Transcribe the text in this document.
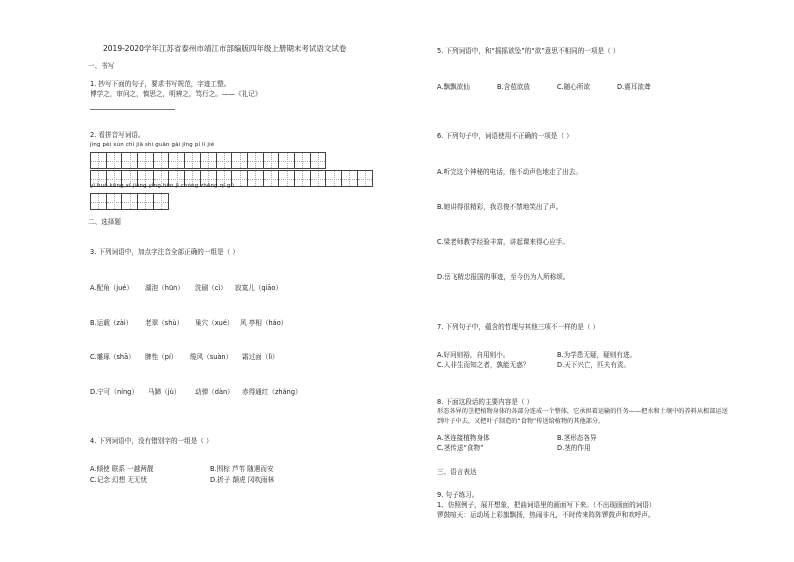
2019-2020学年江苏省泰州市靖江市部编版四年级上册期末考试语文试卷
一、书写
1. 抄写下面的句子，要求书写规范，字迹工整。
博学之，审问之，慎思之，明辨之，笃行之。——《礼记》
2. 看拼音写词语。
jìng pèi xùn chì jiā shì guān gài jīng pí lì jié
yǐ huò kōng xí jiāng yìng hēn jì chóng zhēng qí gǔ
二、选择题
3. 下列词语中，加点字注音全部正确的一组是（ ）
A.配角（jué） 湖泡（hūn） 洗刷（cì） 寂寞儿（qiāo）
B.运载（zài） 老翠（shù） 巢穴（xué） 风 亭相（háo）
C.雕琢（shā） 脾性（pí） 缆风（suàn） 霜过面（lì）
D.宁可（níng） 马蹄（jù） 动弹（dàn） 赤得通红（zhàng）
4. 下列词语中，没有错别字的一组是（ ）
A.倾使 联系 一越两靓	B.围棕 芦苇 随遇而安
C.记念 幻想 无无忧	D.折子 颠虎 冈吹雨林
5. 下列词语中，和“摇摇欲坠”的“欲”意思不相同的一项是（ ）
A.飘飘欲仙	B.含苞欲放	C.随心所欲	D.震耳欲聋
6. 下列句子中，词语使用不正确的一项是（ ）
A.听完这个神秘的电话，他不动声色地走了出去。
B.她讲得很精彩，我忍俊不禁地笑出了声。
C.梁老师教学经验丰富，讲起课来得心应手。
D.岳飞精忠报国的事迹，至今仍为人所称颂。
7. 下列句子中，蕴含的哲理与其他三项不一样的是（ ）
A.好问则裕，自用则小。	B.为学患无疑，疑则有进。
C.人非生而知之者，孰能无惑？	D.天下兴亡，匹夫有责。
8. 下面这段话的主要内容是（ ）
形态各异的茎把植物身体的各部分连成一个整体，它承担着运输的任务——把水和土壤中的养料从根部运送
到叶子中去，又把叶子制造的“食物”传送给植物的其他部分。
A.茎连接植物身体	B.茎形态各异
C.茎传送“食物”	D.茎的作用
三、语言表达
9. 句子练习。
1、仿照例子，展开想象，把曲词语里的画面写下来。（不出现画面的词语）
锣鼓喧天：运动场上彩旗飘扬，热闹非凡，不时传来阵阵锣鼓声和欢呼声。
